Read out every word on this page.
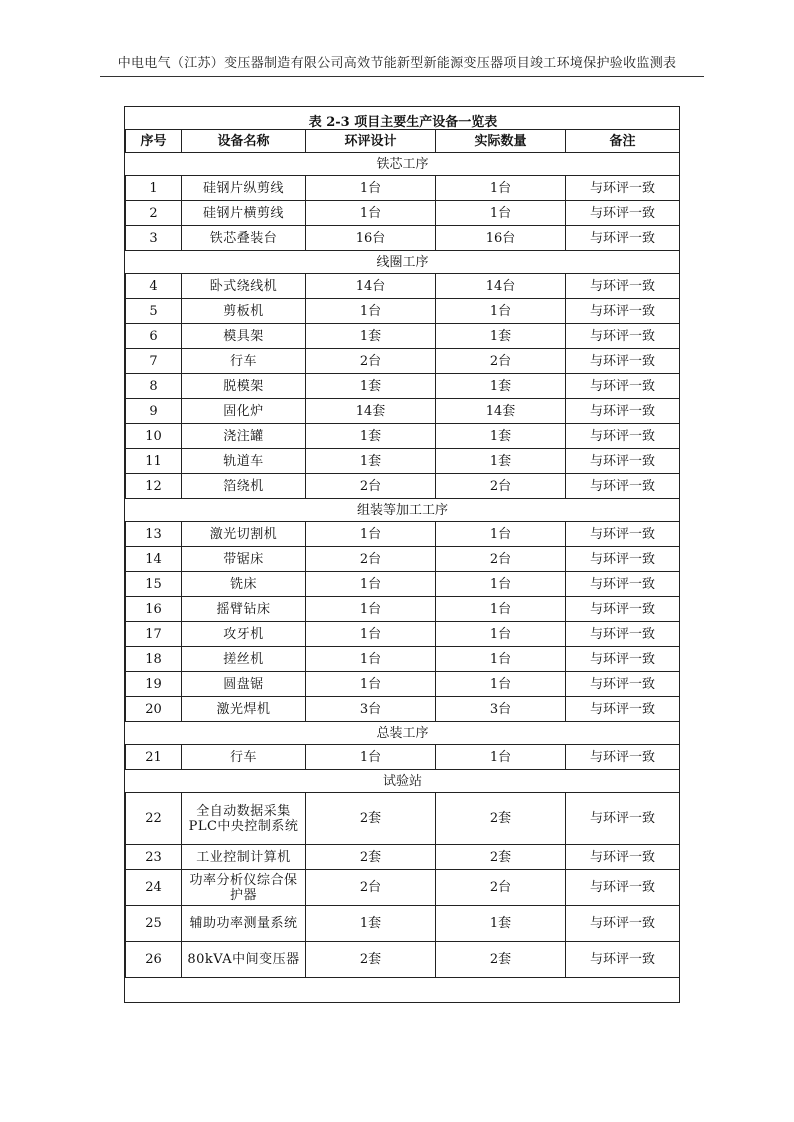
中电电气（江苏）变压器制造有限公司高效节能新型新能源变压器项目竣工环境保护验收监测表
表 2-3 项目主要生产设备一览表
序号	设备名称	环评设计	实际数量	备注
铁芯工序				
1	硅钢片纵剪线	1台	1台	与环评一致
2	硅钢片横剪线	1台	1台	与环评一致
3	铁芯叠装台	16台	16台	与环评一致
线圈工序				
4	卧式绕线机	14台	14台	与环评一致
5	剪板机	1台	1台	与环评一致
6	模具架	1套	1套	与环评一致
7	行车	2台	2台	与环评一致
8	脱模架	1套	1套	与环评一致
9	固化炉	14套	14套	与环评一致
10	浇注罐	1套	1套	与环评一致
11	轨道车	1套	1套	与环评一致
12	箔绕机	2台	2台	与环评一致
组装等加工工序				
13	激光切割机	1台	1台	与环评一致
14	带锯床	2台	2台	与环评一致
15	铣床	1台	1台	与环评一致
16	摇臂钻床	1台	1台	与环评一致
17	攻牙机	1台	1台	与环评一致
18	搓丝机	1台	1台	与环评一致
19	圆盘锯	1台	1台	与环评一致
20	激光焊机	3台	3台	与环评一致
总装工序				
21	行车	1台	1台	与环评一致
试验站				
22	全自动数据采集PLC中央控制系统	2套	2套	与环评一致
23	工业控制计算机	2套	2套	与环评一致
24	功率分析仪综合保护器	2台	2台	与环评一致
25	辅助功率测量系统	1套	1套	与环评一致
26	80kVA中间变压器	2套	2套	与环评一致
